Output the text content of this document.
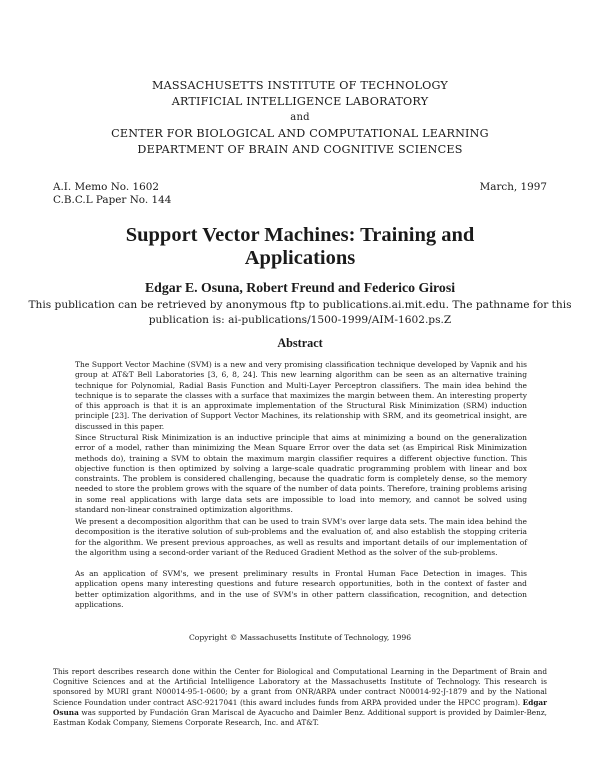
MASSACHUSETTS INSTITUTE OF TECHNOLOGY
ARTIFICIAL INTELLIGENCE LABORATORY
and
CENTER FOR BIOLOGICAL AND COMPUTATIONAL LEARNING
DEPARTMENT OF BRAIN AND COGNITIVE SCIENCES
A.I. Memo No. 1602
C.B.C.L Paper No. 144
March, 1997
Support Vector Machines: Training and
Applications
Edgar E. Osuna, Robert Freund and Federico Girosi
This publication can be retrieved by anonymous ftp to publications.ai.mit.edu. The pathname for this
publication is: ai-publications/1500-1999/AIM-1602.ps.Z
Abstract
The Support Vector Machine (SVM) is a new and very promising classification technique developed by Vapnik and his group at AT&T Bell Laboratories [3, 6, 8, 24]. This new learning algorithm can be seen as an alternative training technique for Polynomial, Radial Basis Function and Multi-Layer Perceptron classifiers. The main idea behind the technique is to separate the classes with a surface that maximizes the margin between them. An interesting property of this approach is that it is an approximate implementation of the Structural Risk Minimization (SRM) induction principle [23]. The derivation of Support Vector Machines, its relationship with SRM, and its geometrical insight, are discussed in this paper.
Since Structural Risk Minimization is an inductive principle that aims at minimizing a bound on the generalization error of a model, rather than minimizing the Mean Square Error over the data set (as Empirical Risk Minimization methods do), training a SVM to obtain the maximum margin classifier requires a different objective function. This objective function is then optimized by solving a large-scale quadratic programming problem with linear and box constraints. The problem is considered challenging, because the quadratic form is completely dense, so the memory needed to store the problem grows with the square of the number of data points. Therefore, training problems arising in some real applications with large data sets are impossible to load into memory, and cannot be solved using standard non-linear constrained optimization algorithms.
We present a decomposition algorithm that can be used to train SVM's over large data sets. The main idea behind the decomposition is the iterative solution of sub-problems and the evaluation of, and also establish the stopping criteria for the algorithm. We present previous approaches, as well as results and important details of our implementation of the algorithm using a second-order variant of the Reduced Gradient Method as the solver of the sub-problems.
As an application of SVM's, we present preliminary results in Frontal Human Face Detection in images. This application opens many interesting questions and future research opportunities, both in the context of faster and better optimization algorithms, and in the use of SVM's in other pattern classification, recognition, and detection applications.
Copyright © Massachusetts Institute of Technology, 1996
This report describes research done within the Center for Biological and Computational Learning in the Department of Brain and Cognitive Sciences and at the Artificial Intelligence Laboratory at the Massachusetts Institute of Technology. This research is sponsored by MURI grant N00014-95-1-0600; by a grant from ONR/ARPA under contract N00014-92-J-1879 and by the National Science Foundation under contract ASC-9217041 (this award includes funds from ARPA provided under the HPCC program). Edgar Osuna was supported by Fundación Gran Mariscal de Ayacucho and Daimler Benz. Additional support is provided by Daimler-Benz, Eastman Kodak Company, Siemens Corporate Research, Inc. and AT&T.
